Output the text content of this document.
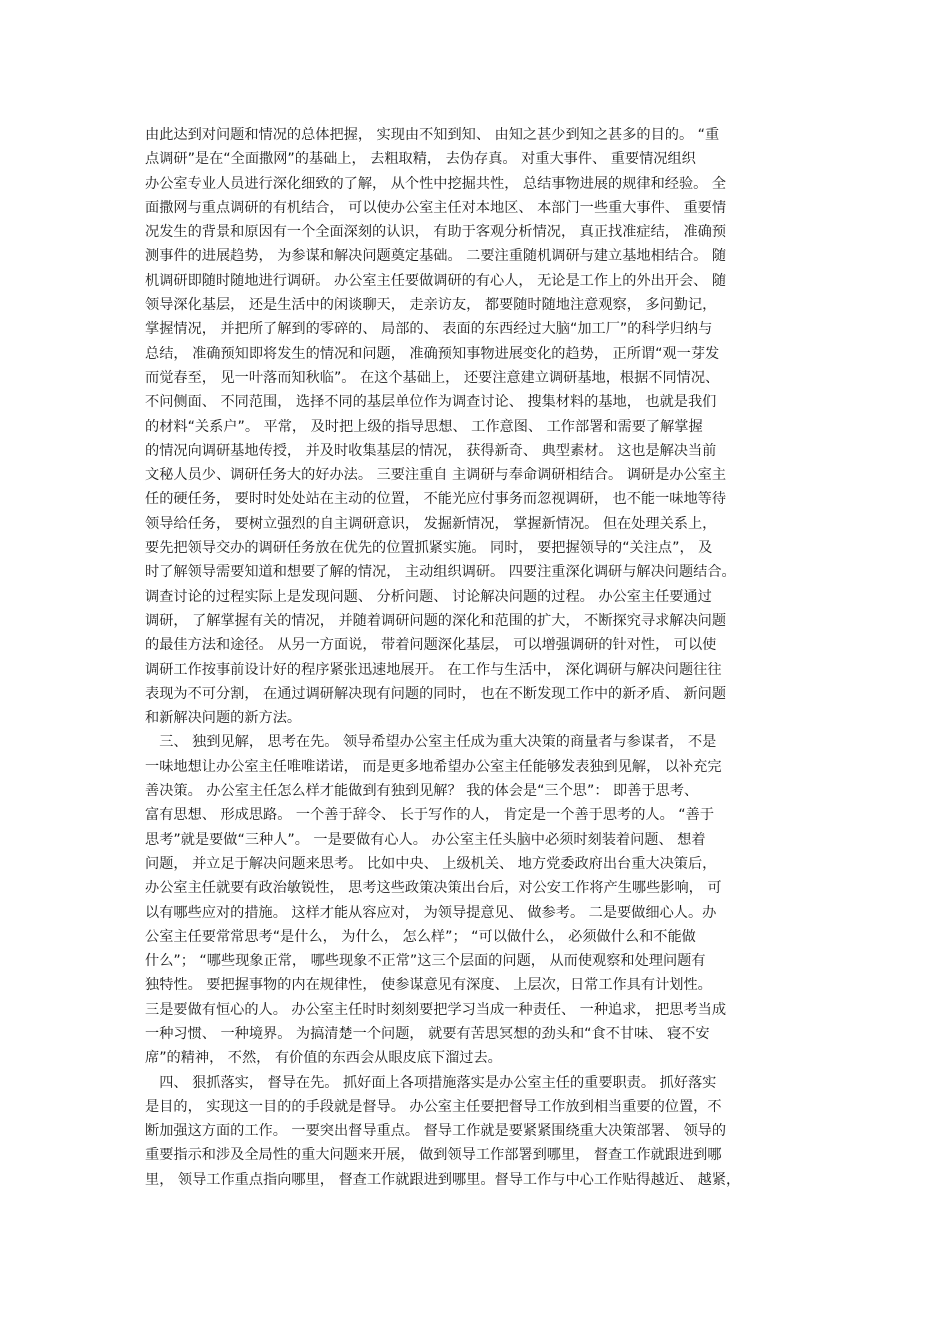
由此达到对问题和情况的总体把握， 实现由不知到知、 由知之甚少到知之甚多的目的。 “重
点调研”是在“全面撒网”的基础上， 去粗取精， 去伪存真。 对重大事件、 重要情况组织
办公室专业人员进行深化细致的了解， 从个性中挖掘共性， 总结事物进展的规律和经验。 全
面撒网与重点调研的有机结合， 可以使办公室主任对本地区、 本部门一些重大事件、 重要情
况发生的背景和原因有一个全面深刻的认识， 有助于客观分析情况， 真正找准症结， 准确预
测事件的进展趋势， 为参谋和解决问题奠定基础。 二要注重随机调研与建立基地相结合。 随
机调研即随时随地进行调研。 办公室主任要做调研的有心人， 无论是工作上的外出开会、 随
领导深化基层， 还是生活中的闲谈聊天， 走亲访友， 都要随时随地注意观察， 多问勤记，
掌握情况， 并把所了解到的零碎的、 局部的、 表面的东西经过大脑“加工厂”的科学归纳与
总结， 准确预知即将发生的情况和问题， 准确预知事物进展变化的趋势， 正所谓“观一芽发
而觉春至， 见一叶落而知秋临”。 在这个基础上， 还要注意建立调研基地，根据不同情况、
不问侧面、 不同范围， 选择不同的基层单位作为调查讨论、 搜集材料的基地， 也就是我们
的材料“关系户”。 平常， 及时把上级的指导思想、 工作意图、 工作部署和需要了解掌握
的情况向调研基地传授， 并及时收集基层的情况， 获得新奇、 典型素材。 这也是解决当前
文秘人员少、调研任务大的好办法。 三要注重自 主调研与奉命调研相结合。 调研是办公室主
任的硬任务， 要时时处处站在主动的位置， 不能光应付事务而忽视调研， 也不能一味地等待
领导给任务， 要树立强烈的自主调研意识， 发掘新情况， 掌握新情况。 但在处理关系上，
要先把领导交办的调研任务放在优先的位置抓紧实施。 同时， 要把握领导的“关注点”， 及
时了解领导需要知道和想要了解的情况， 主动组织调研。 四要注重深化调研与解决问题结合。
调查讨论的过程实际上是发现问题、 分析问题、 讨论解决问题的过程。 办公室主任要通过
调研， 了解掌握有关的情况， 并随着调研问题的深化和范围的扩大， 不断探究寻求解决问题
的最佳方法和途径。 从另一方面说， 带着问题深化基层， 可以增强调研的针对性， 可以使
调研工作按事前设计好的程序紧张迅速地展开。 在工作与生活中， 深化调研与解决问题往往
表现为不可分割， 在通过调研解决现有问题的同时， 也在不断发现工作中的新矛盾、 新问题
和新解决问题的新方法。

　三、 独到见解， 思考在先。 领导希望办公室主任成为重大决策的商量者与参谋者， 不是
一味地想让办公室主任唯唯诺诺， 而是更多地希望办公室主任能够发表独到见解， 以补充完
善决策。 办公室主任怎么样才能做到有独到见解？ 我的体会是“三个思”： 即善于思考、
富有思想、 形成思路。 一个善于辞令、 长于写作的人， 肯定是一个善于思考的人。 “善于
思考”就是要做“三种人”。 一是要做有心人。 办公室主任头脑中必须时刻装着问题、 想着
问题， 并立足于解决问题来思考。 比如中央、 上级机关、 地方党委政府出台重大决策后，
办公室主任就要有政治敏锐性， 思考这些政策决策出台后，对公安工作将产生哪些影响， 可
以有哪些应对的措施。 这样才能从容应对， 为领导提意见、 做参考。 二是要做细心人。办
公室主任要常常思考“是什么， 为什么， 怎么样”； “可以做什么， 必须做什么和不能做
什么”； “哪些现象正常， 哪些现象不正常”这三个层面的问题， 从而使观察和处理问题有
独特性。 要把握事物的内在规律性， 使参谋意见有深度、 上层次，日常工作具有计划性。
三是要做有恒心的人。 办公室主任时时刻刻要把学习当成一种责任、 一种追求， 把思考当成
一种习惯、 一种境界。 为搞清楚一个问题， 就要有苦思冥想的劲头和“食不甘味、 寝不安
席”的精神， 不然， 有价值的东西会从眼皮底下溜过去。

　四、 狠抓落实， 督导在先。 抓好面上各项措施落实是办公室主任的重要职责。 抓好落实
是目的， 实现这一目的的手段就是督导。 办公室主任要把督导工作放到相当重要的位置，不
断加强这方面的工作。 一要突出督导重点。 督导工作就是要紧紧围绕重大决策部署、 领导的
重要指示和涉及全局性的重大问题来开展， 做到领导工作部署到哪里， 督查工作就跟进到哪
里， 领导工作重点指向哪里， 督查工作就跟进到哪里。督导工作与中心工作贴得越近、 越紧，
